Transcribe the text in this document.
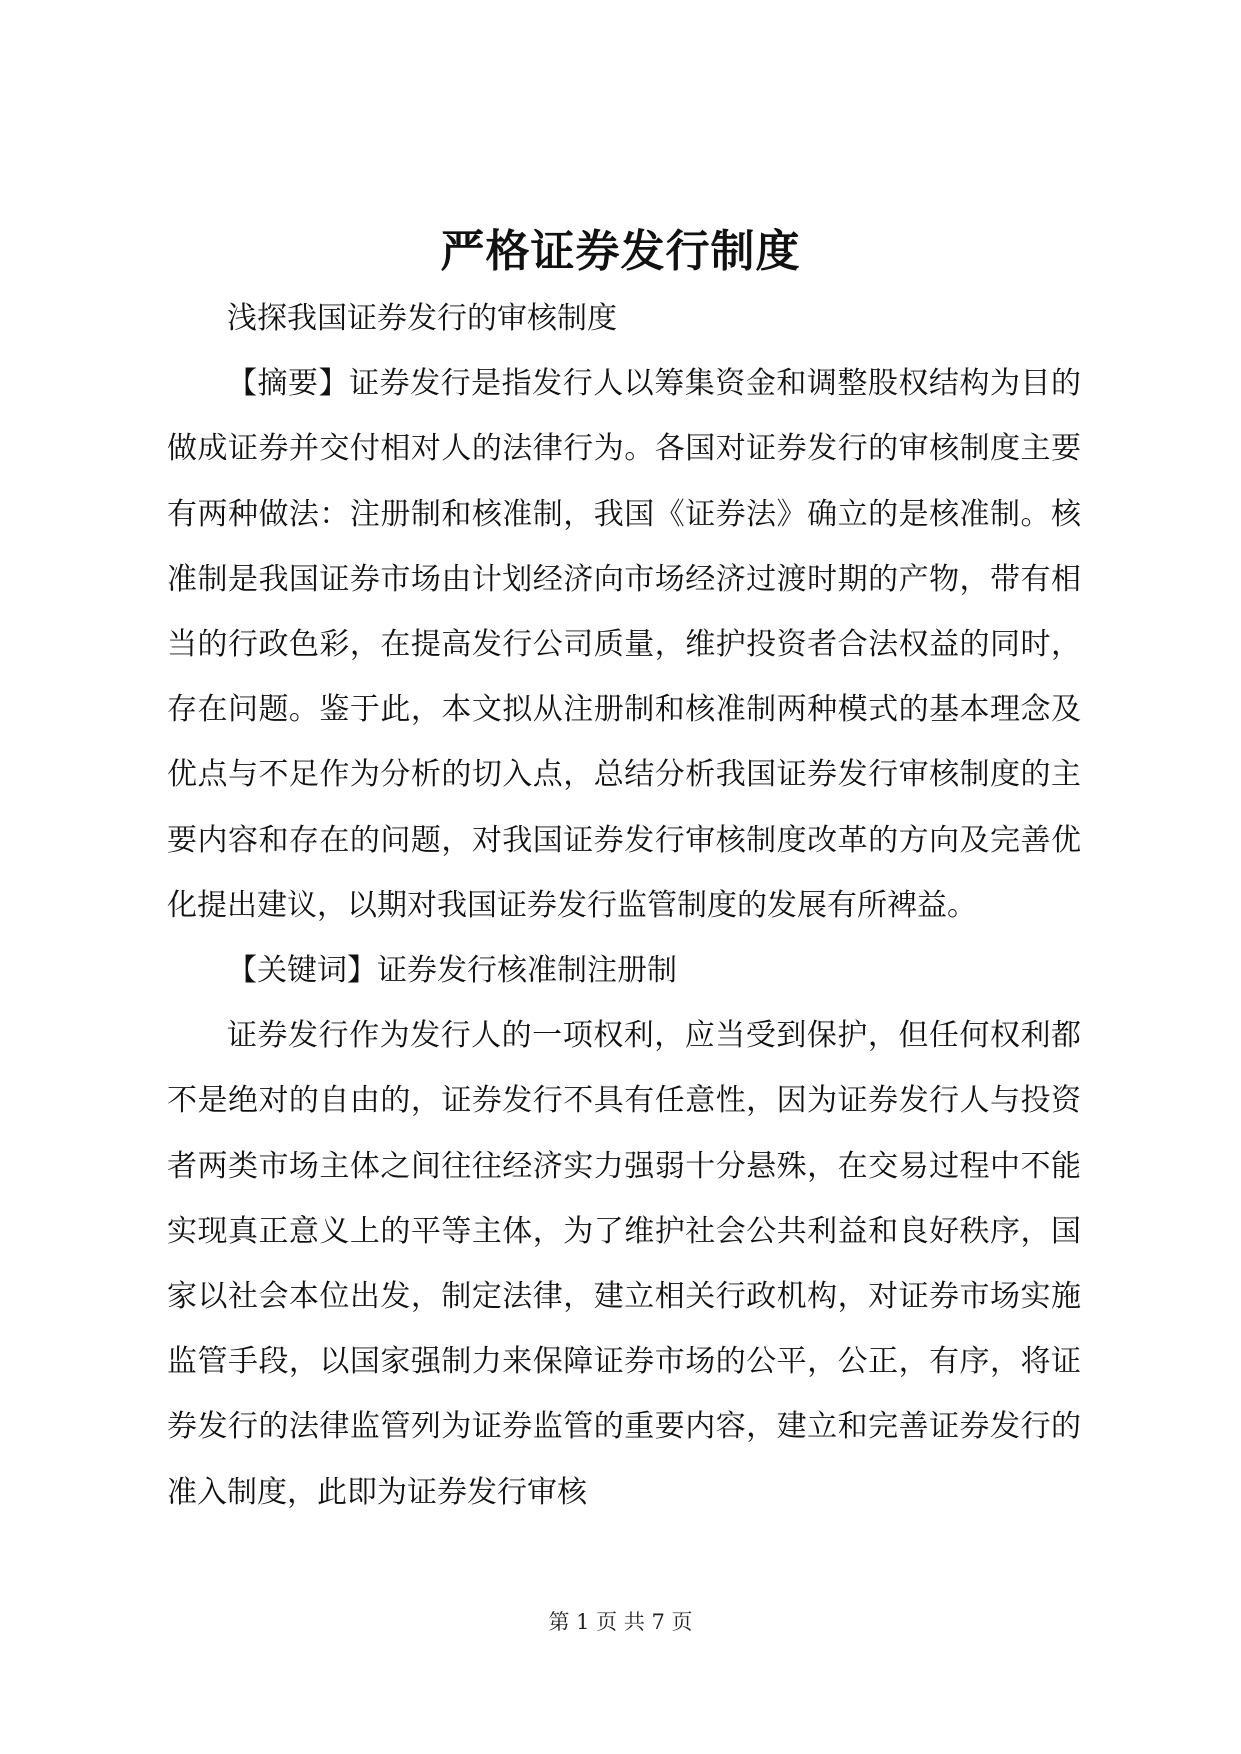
严格证券发行制度

浅探我国证券发行的审核制度

【摘要】证券发行是指发行人以筹集资金和调整股权结构为目的做成证券并交付相对人的法律行为。各国对证券发行的审核制度主要有两种做法：注册制和核准制，我国《证券法》确立的是核准制。核准制是我国证券市场由计划经济向市场经济过渡时期的产物，带有相当的行政色彩，在提高发行公司质量，维护投资者合法权益的同时，存在问题。鉴于此，本文拟从注册制和核准制两种模式的基本理念及优点与不足作为分析的切入点，总结分析我国证券发行审核制度的主要内容和存在的问题，对我国证券发行审核制度改革的方向及完善优化提出建议，以期对我国证券发行监管制度的发展有所裨益。

【关键词】证券发行核准制注册制

证券发行作为发行人的一项权利，应当受到保护，但任何权利都不是绝对的自由的，证券发行不具有任意性，因为证券发行人与投资者两类市场主体之间往往经济实力强弱十分悬殊，在交易过程中不能实现真正意义上的平等主体，为了维护社会公共利益和良好秩序，国家以社会本位出发，制定法律，建立相关行政机构，对证券市场实施监管手段，以国家强制力来保障证券市场的公平，公正，有序，将证券发行的法律监管列为证券监管的重要内容，建立和完善证券发行的准入制度，此即为证券发行审核

第 1 页 共 7 页
